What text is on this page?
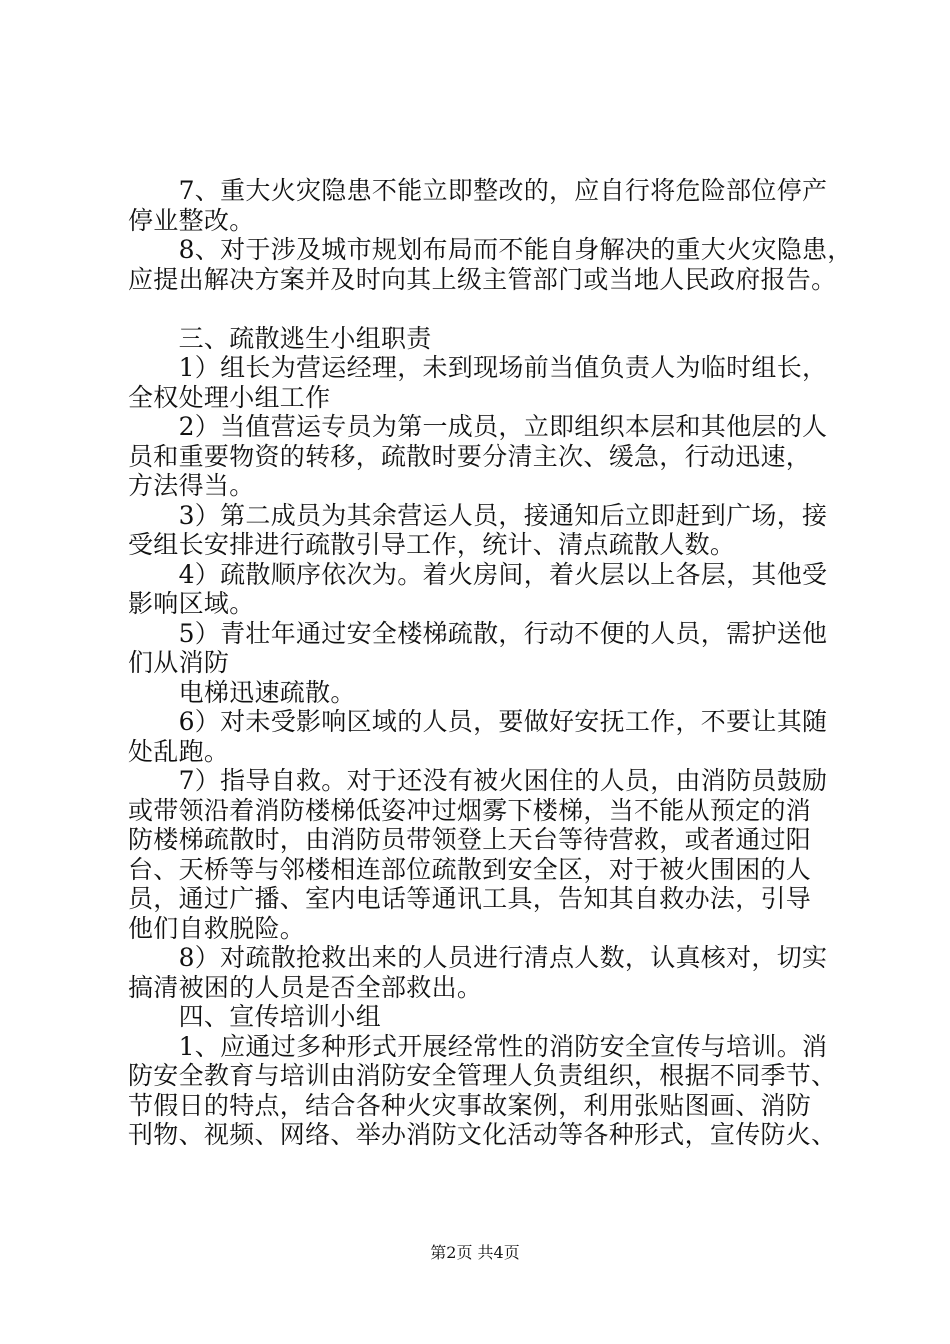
　　7、重大火灾隐患不能立即整改的，应自行将危险部位停产
停业整改。
　　8、对于涉及城市规划布局而不能自身解决的重大火灾隐患，
应提出解决方案并及时向其上级主管部门或当地人民政府报告。
　　三、疏散逃生小组职责
　　1）组长为营运经理，未到现场前当值负责人为临时组长，
全权处理小组工作
　　2）当值营运专员为第一成员，立即组织本层和其他层的人
员和重要物资的转移，疏散时要分清主次、缓急，行动迅速，
方法得当。
　　3）第二成员为其余营运人员，接通知后立即赶到广场，接
受组长安排进行疏散引导工作，统计、清点疏散人数。
　　4）疏散顺序依次为。着火房间，着火层以上各层，其他受
影响区域。
　　5）青壮年通过安全楼梯疏散，行动不便的人员，需护送他
们从消防
　　电梯迅速疏散。
　　6）对未受影响区域的人员，要做好安抚工作，不要让其随
处乱跑。
　　7）指导自救。对于还没有被火困住的人员，由消防员鼓励
或带领沿着消防楼梯低姿冲过烟雾下楼梯，当不能从预定的消
防楼梯疏散时，由消防员带领登上天台等待营救，或者通过阳
台、天桥等与邻楼相连部位疏散到安全区，对于被火围困的人
员，通过广播、室内电话等通讯工具，告知其自救办法，引导
他们自救脱险。
　　8）对疏散抢救出来的人员进行清点人数，认真核对，切实
搞清被困的人员是否全部救出。
　　四、宣传培训小组
　　1、应通过多种形式开展经常性的消防安全宣传与培训。消
防安全教育与培训由消防安全管理人负责组织，根据不同季节、
节假日的特点，结合各种火灾事故案例，利用张贴图画、消防
刊物、视频、网络、举办消防文化活动等各种形式，宣传防火、
第2页 共4页
